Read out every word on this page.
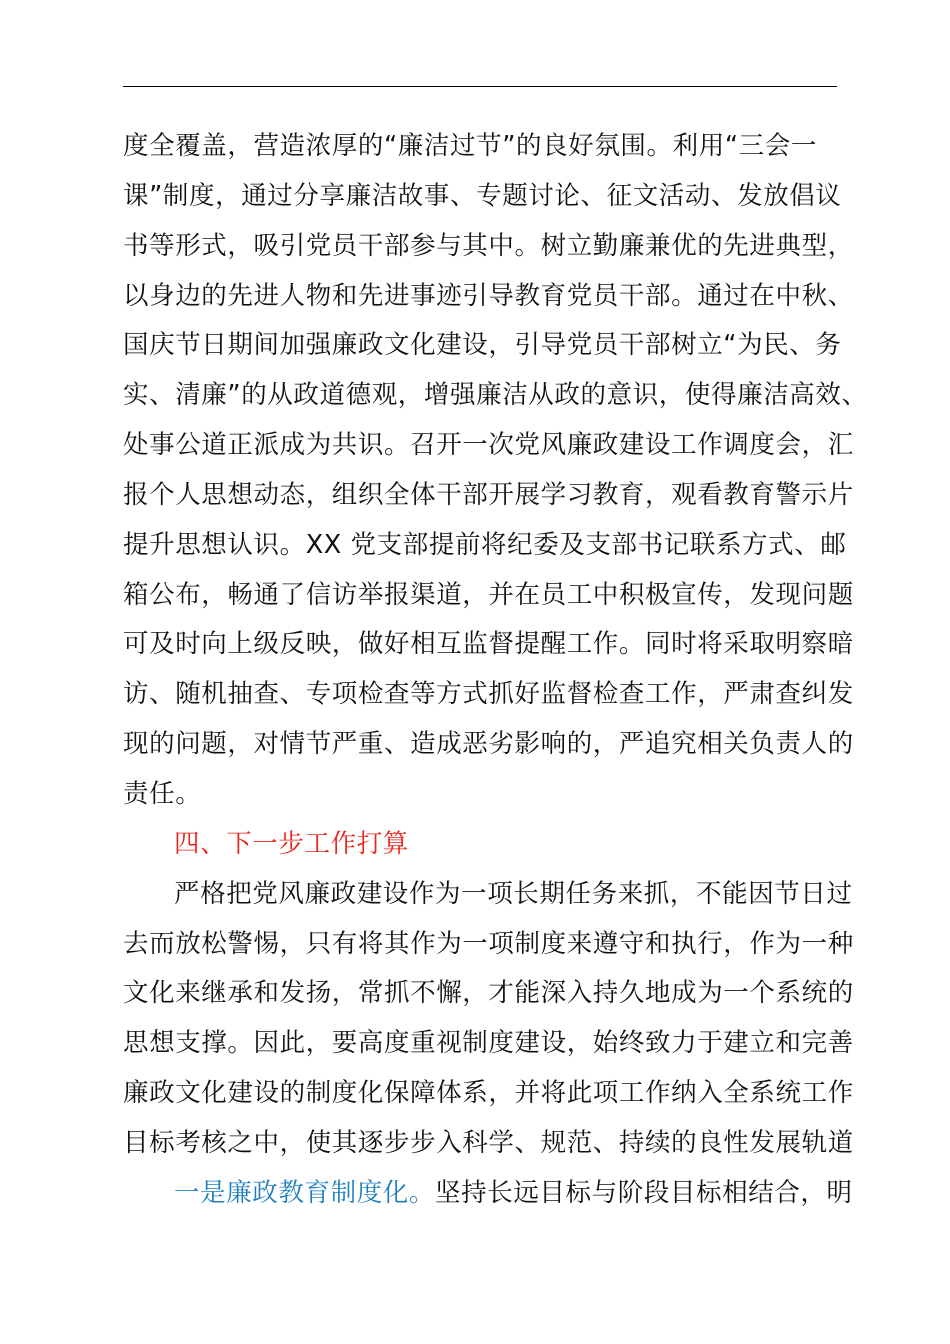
度全覆盖，营造浓厚的“廉洁过节”的良好氛围。利用“三会一
课”制度，通过分享廉洁故事、专题讨论、征文活动、发放倡议
书等形式，吸引党员干部参与其中。树立勤廉兼优的先进典型，
以身边的先进人物和先进事迹引导教育党员干部。通过在中秋、
国庆节日期间加强廉政文化建设，引导党员干部树立“为民、务
实、清廉”的从政道德观，增强廉洁从政的意识，使得廉洁高效、
处事公道正派成为共识。召开一次党风廉政建设工作调度会，汇
报个人思想动态，组织全体干部开展学习教育，观看教育警示片
提升思想认识。XX 党支部提前将纪委及支部书记联系方式、邮
箱公布，畅通了信访举报渠道，并在员工中积极宣传，发现问题
可及时向上级反映，做好相互监督提醒工作。同时将采取明察暗
访、随机抽查、专项检查等方式抓好监督检查工作，严肃查纠发
现的问题，对情节严重、造成恶劣影响的，严追究相关负责人的
责任。
四、下一步工作打算
严格把党风廉政建设作为一项长期任务来抓，不能因节日过
去而放松警惕，只有将其作为一项制度来遵守和执行，作为一种
文化来继承和发扬，常抓不懈，才能深入持久地成为一个系统的
思想支撑。因此，要高度重视制度建设，始终致力于建立和完善
廉政文化建设的制度化保障体系，并将此项工作纳入全系统工作
目标考核之中，使其逐步步入科学、规范、持续的良性发展轨道
一是廉政教育制度化。坚持长远目标与阶段目标相结合，明
